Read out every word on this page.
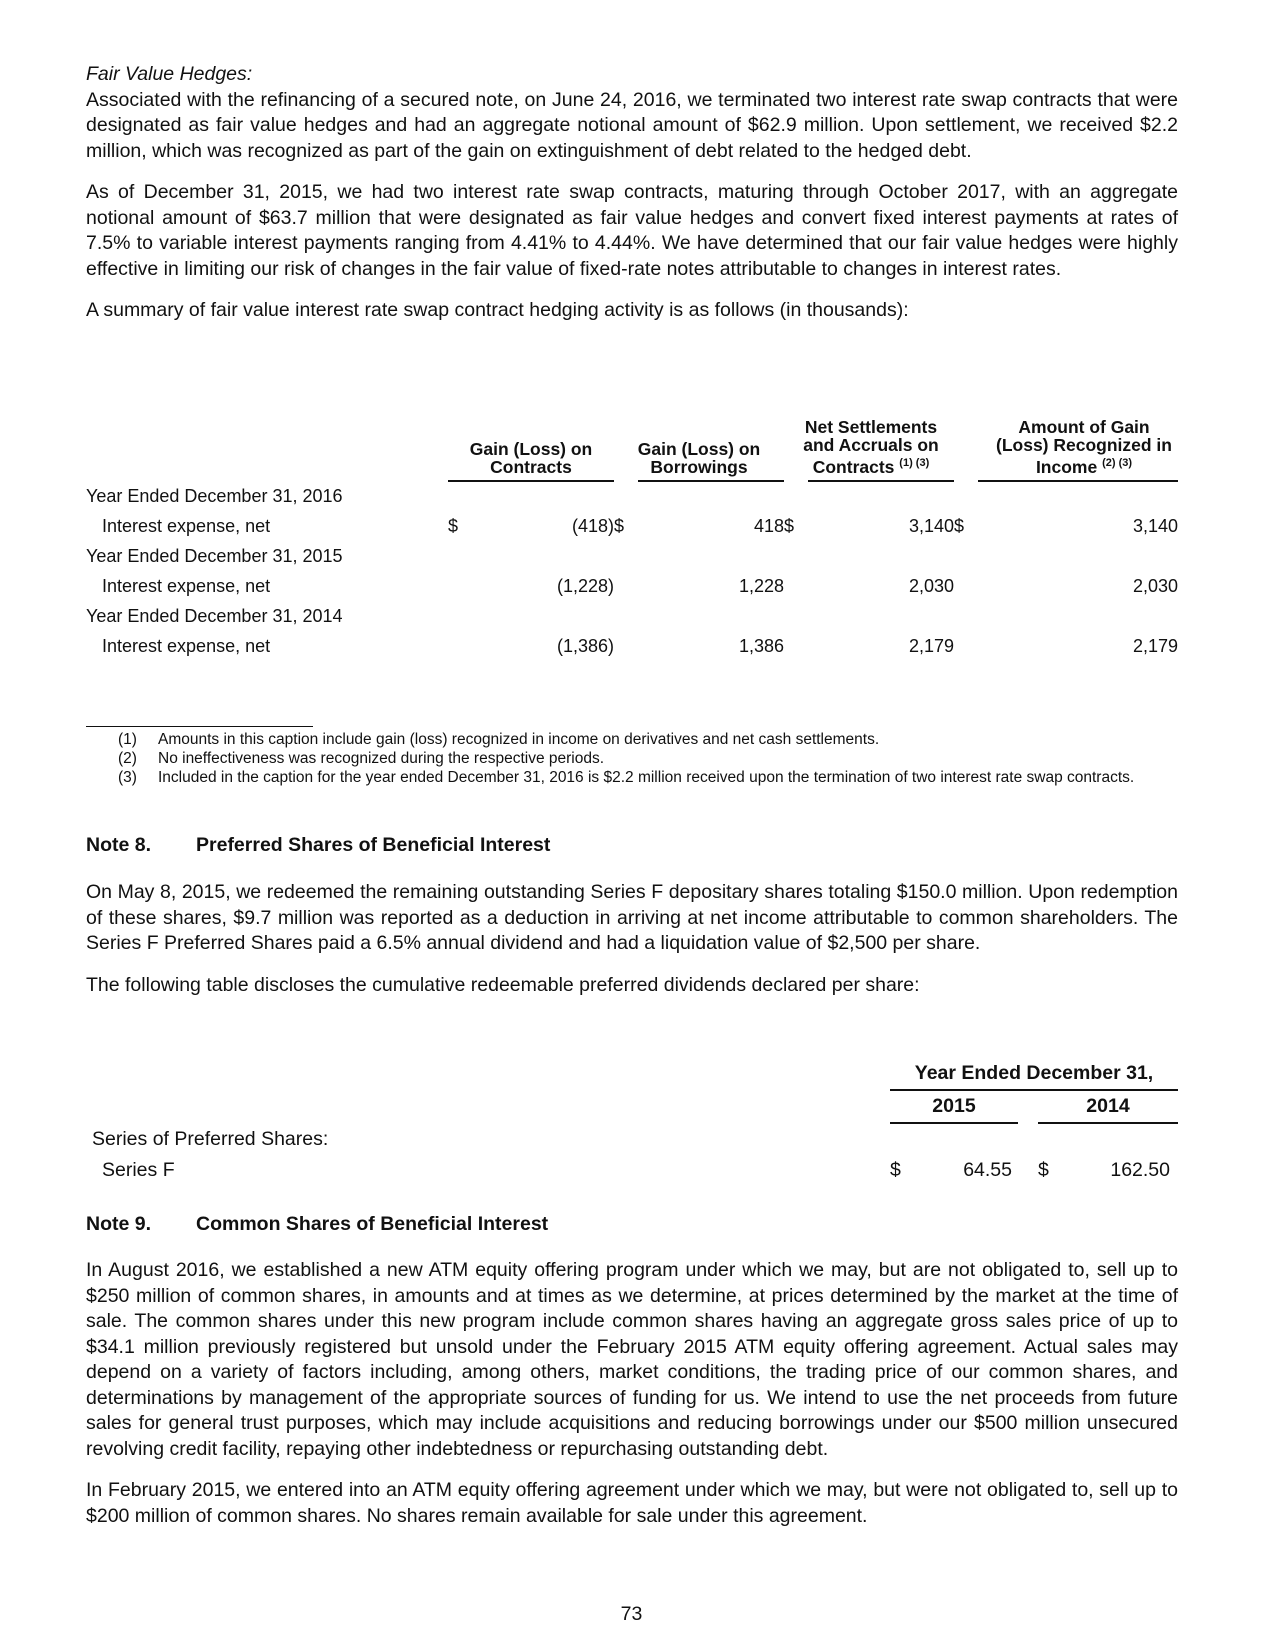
Fair Value Hedges:

Associated with the refinancing of a secured note, on June 24, 2016, we terminated two interest rate swap contracts that were designated as fair value hedges and had an aggregate notional amount of $62.9 million. Upon settlement, we received $2.2 million, which was recognized as part of the gain on extinguishment of debt related to the hedged debt.

As of December 31, 2015, we had two interest rate swap contracts, maturing through October 2017, with an aggregate notional amount of $63.7 million that were designated as fair value hedges and convert fixed interest payments at rates of 7.5% to variable interest payments ranging from 4.41% to 4.44%. We have determined that our fair value hedges were highly effective in limiting our risk of changes in the fair value of fixed-rate notes attributable to changes in interest rates.

A summary of fair value interest rate swap contract hedging activity is as follows (in thousands):

	Gain (Loss) on Contracts		Gain (Loss) on Borrowings		Net Settlements and Accruals on Contracts $^{(1) (3)}$		Amount of Gain (Loss) Recognized in Income $^{(2) (3)}$
Year Ended December 31, 2016
Interest expense, net	$	(418)	$	418	$	3,140	$	3,140
Year Ended December 31, 2015
Interest expense, net		(1,228)		1,228		2,030		2,030
Year Ended December 31, 2014
Interest expense, net		(1,386)		1,386		2,179		2,179
(1)	Amounts in this caption include gain (loss) recognized in income on derivatives and net cash settlements.
(2)	No ineffectiveness was recognized during the respective periods.
(3)	Included in the caption for the year ended December 31, 2016 is $2.2 million received upon the termination of two interest rate swap contracts.
Note 8. Preferred Shares of Beneficial Interest

On May 8, 2015, we redeemed the remaining outstanding Series F depositary shares totaling $150.0 million. Upon redemption of these shares, $9.7 million was reported as a deduction in arriving at net income attributable to common shareholders. The Series F Preferred Shares paid a 6.5% annual dividend and had a liquidation value of $2,500 per share.

The following table discloses the cumulative redeemable preferred dividends declared per share:

	Year Ended December 31,				
	2015			2014	
Series of Preferred Shares:					
Series F	$	64.55		$	162.50
Note 9. Common Shares of Beneficial Interest

In August 2016, we established a new ATM equity offering program under which we may, but are not obligated to, sell up to $250 million of common shares, in amounts and at times as we determine, at prices determined by the market at the time of sale. The common shares under this new program include common shares having an aggregate gross sales price of up to $34.1 million previously registered but unsold under the February 2015 ATM equity offering agreement. Actual sales may depend on a variety of factors including, among others, market conditions, the trading price of our common shares, and determinations by management of the appropriate sources of funding for us. We intend to use the net proceeds from future sales for general trust purposes, which may include acquisitions and reducing borrowings under our $500 million unsecured revolving credit facility, repaying other indebtedness or repurchasing outstanding debt.

In February 2015, we entered into an ATM equity offering agreement under which we may, but were not obligated to, sell up to $200 million of common shares. No shares remain available for sale under this agreement.

73
